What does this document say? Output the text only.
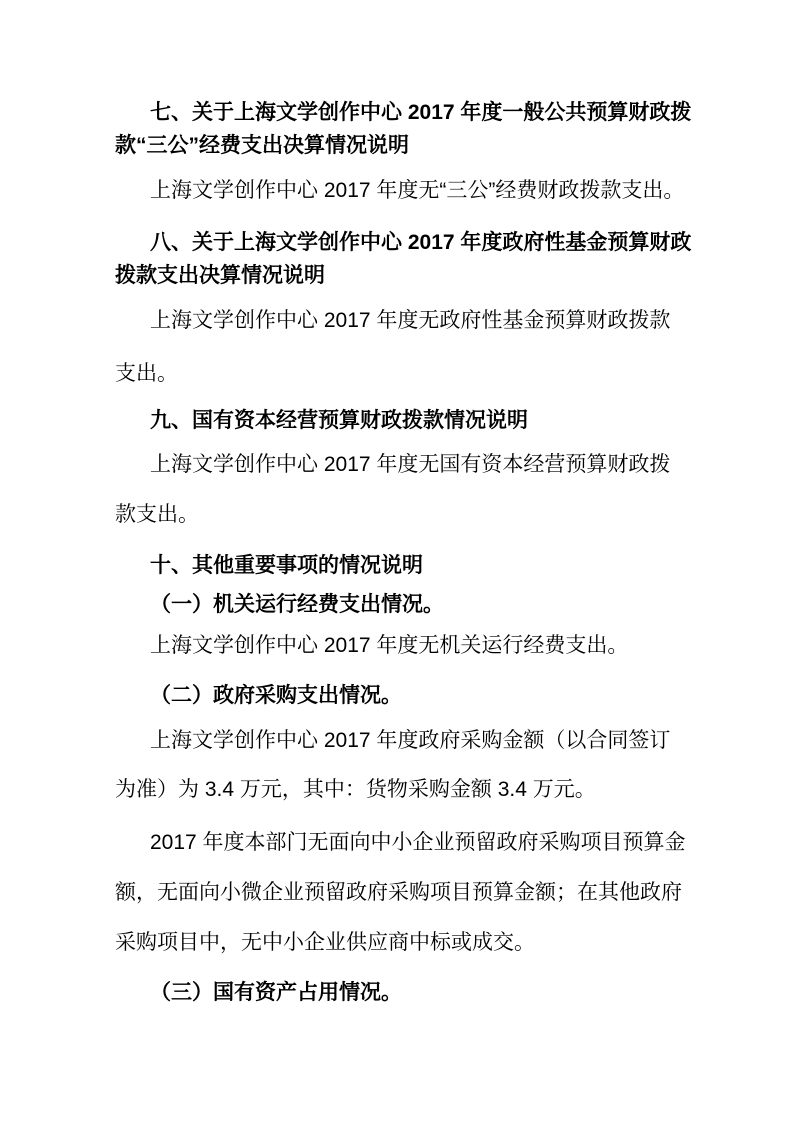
七、关于上海文学创作中心 2017 年度一般公共预算财政拨
款“三公”经费支出决算情况说明
上海文学创作中心 2017 年度无“三公”经费财政拨款支出。
八、关于上海文学创作中心 2017 年度政府性基金预算财政
拨款支出决算情况说明
上海文学创作中心 2017 年度无政府性基金预算财政拨款
支出。
九、国有资本经营预算财政拨款情况说明
上海文学创作中心 2017 年度无国有资本经营预算财政拨
款支出。
十、其他重要事项的情况说明
（一）机关运行经费支出情况。
上海文学创作中心 2017 年度无机关运行经费支出。
（二）政府采购支出情况。
上海文学创作中心 2017 年度政府采购金额（以合同签订
为准）为 3.4 万元，其中：货物采购金额 3.4 万元。
2017 年度本部门无面向中小企业预留政府采购项目预算金
额，无面向小微企业预留政府采购项目预算金额；在其他政府
采购项目中，无中小企业供应商中标或成交。
（三）国有资产占用情况。
